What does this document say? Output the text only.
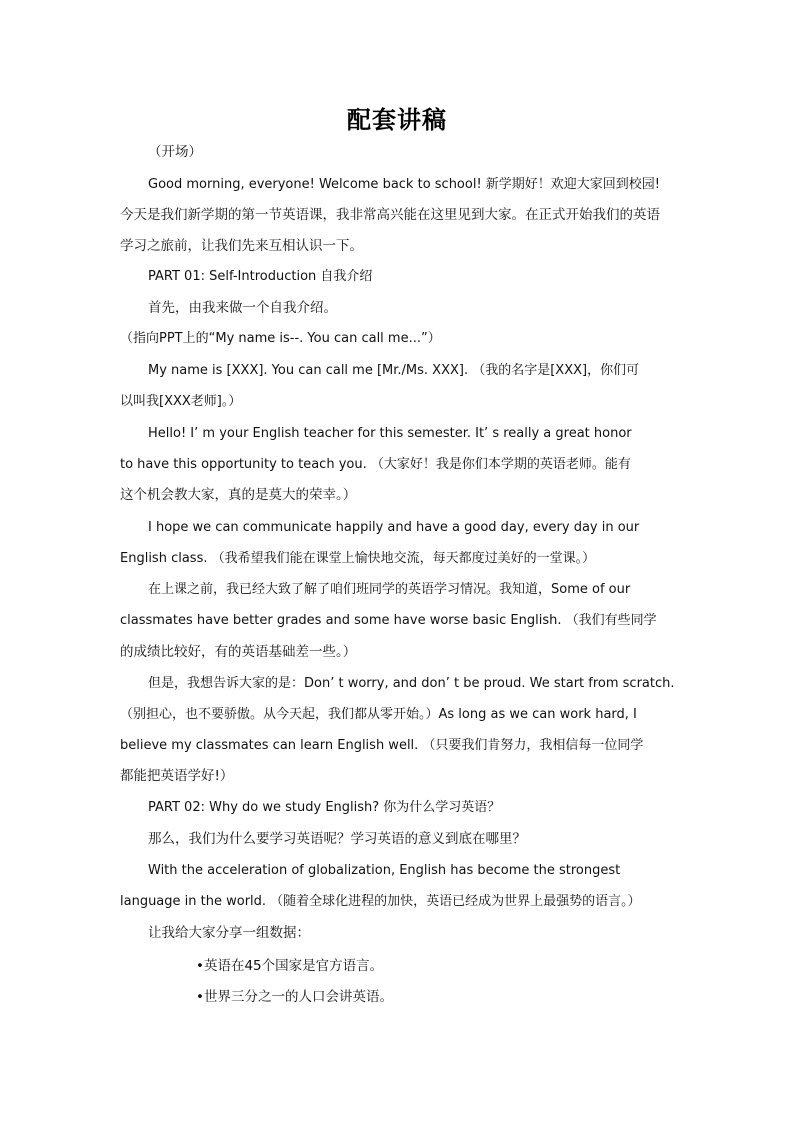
配套讲稿
（开场）
Good morning, everyone! Welcome back to school! 新学期好！欢迎大家回到校园!
今天是我们新学期的第一节英语课，我非常高兴能在这里见到大家。在正式开始我们的英语
学习之旅前，让我们先来互相认识一下。
PART 01: Self-Introduction 自我介绍
首先，由我来做一个自我介绍。
（指向PPT上的“My name is--. You can call me...”）
My name is [XXX]. You can call me [Mr./Ms. XXX]. （我的名字是[XXX]，你们可
以叫我[XXX老师]。）
Hello! I’ m your English teacher for this semester. It’ s really a great honor
to have this opportunity to teach you. （大家好！我是你们本学期的英语老师。能有
这个机会教大家，真的是莫大的荣幸。）
I hope we can communicate happily and have a good day, every day in our
English class. （我希望我们能在课堂上愉快地交流，每天都度过美好的一堂课。）
在上课之前，我已经大致了解了咱们班同学的英语学习情况。我知道，Some of our
classmates have better grades and some have worse basic English. （我们有些同学
的成绩比较好，有的英语基础差一些。）
但是，我想告诉大家的是：Don’ t worry, and don’ t be proud. We start from scratch.
（别担心，也不要骄傲。从今天起，我们都从零开始。）As long as we can work hard, I
believe my classmates can learn English well. （只要我们肯努力，我相信每一位同学
都能把英语学好!）
PART 02: Why do we study English? 你为什么学习英语？
那么，我们为什么要学习英语呢？学习英语的意义到底在哪里？
With the acceleration of globalization, English has become the strongest
language in the world. （随着全球化进程的加快，英语已经成为世界上最强势的语言。）
让我给大家分享一组数据：
•英语在45个国家是官方语言。
•世界三分之一的人口会讲英语。
